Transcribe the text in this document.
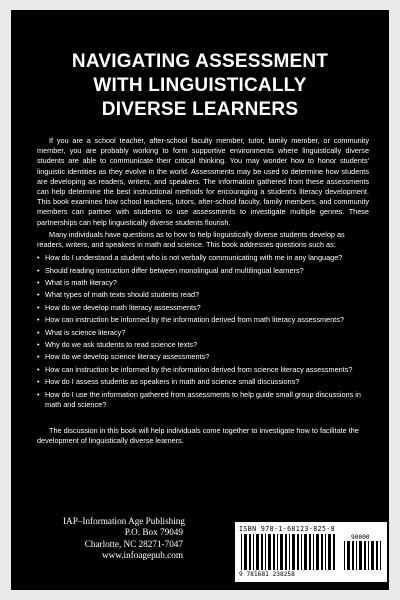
NAVIGATING ASSESSMENT
WITH LINGUISTICALLY
DIVERSE LEARNERS

If you are a school teacher, after-school faculty member, tutor, family member, or community member, you are probably working to form supportive environments where linguistically diverse students are able to communicate their critical thinking. You may wonder how to honor students' linguistic identities as they evolve in the world. Assessments may be used to determine how students are developing as readers, writers, and speakers. The information gathered from these assessments can help determine the best instructional methods for encouraging a student's literacy development. This book examines how school teachers, tutors, after-school faculty, family members, and community members can partner with students to use assessments to investigate multiple genres. These partnerships can help linguistically diverse students flourish.

Many individuals have questions as to how to help linguistically diverse students develop as readers, writers, and speakers in math and science. This book addresses questions such as:

• How do I understand a student who is not verbally communicating with me in any language?
• Should reading instruction differ between monolingual and multilingual learners?
• What is math literacy?
• What types of math texts should students read?
• How do we develop math literacy assessments?
• How can instruction be informed by the information derived from math literacy assessments?
• What is science literacy?
• Why do we ask students to read science texts?
• How do we develop science literacy assessments?
• How can instruction be informed by the information derived from science literacy assessments?
• How do I assess students as speakers in math and science small discussions?
• How do I use the information gathered from assessments to help guide small group discussions in math and science?

The discussion in this book will help individuals come together to investigate how to facilitate the development of linguistically diverse learners.

IAP–Information Age Publishing
P.O. Box 79049
Charlotte, NC 28271-7047
www.infoagepub.com
ISBN 978-1-68123-825-8
9 781681 238258
90000
